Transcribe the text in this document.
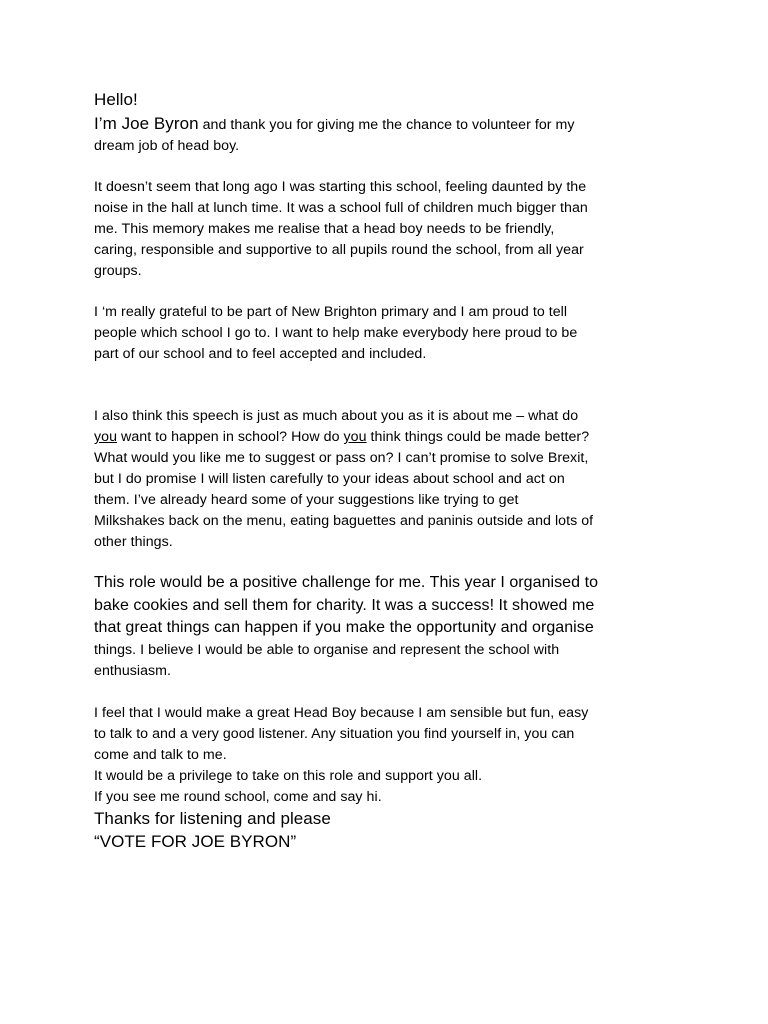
Hello!
I’m Joe Byron and thank you for giving me the chance to volunteer for my
dream job of head boy.
It doesn’t seem that long ago I was starting this school, feeling daunted by the
noise in the hall at lunch time. It was a school full of children much bigger than
me. This memory makes me realise that a head boy needs to be friendly,
caring, responsible and supportive to all pupils round the school, from all year
groups.
I ‘m really grateful to be part of New Brighton primary and I am proud to tell
people which school I go to. I want to help make everybody here proud to be
part of our school and to feel accepted and included.
I also think this speech is just as much about you as it is about me – what do
you want to happen in school? How do you think things could be made better?
What would you like me to suggest or pass on? I can’t promise to solve Brexit,
but I do promise I will listen carefully to your ideas about school and act on
them. I’ve already heard some of your suggestions like trying to get
Milkshakes back on the menu, eating baguettes and paninis outside and lots of
other things.
This role would be a positive challenge for me. This year I organised to
bake cookies and sell them for charity. It was a success! It showed me
that great things can happen if you make the opportunity and organise
things. I believe I would be able to organise and represent the school with
enthusiasm.
I feel that I would make a great Head Boy because I am sensible but fun, easy
to talk to and a very good listener. Any situation you find yourself in, you can
come and talk to me.
It would be a privilege to take on this role and support you all.
If you see me round school, come and say hi.
Thanks for listening and please
“VOTE FOR JOE BYRON”
